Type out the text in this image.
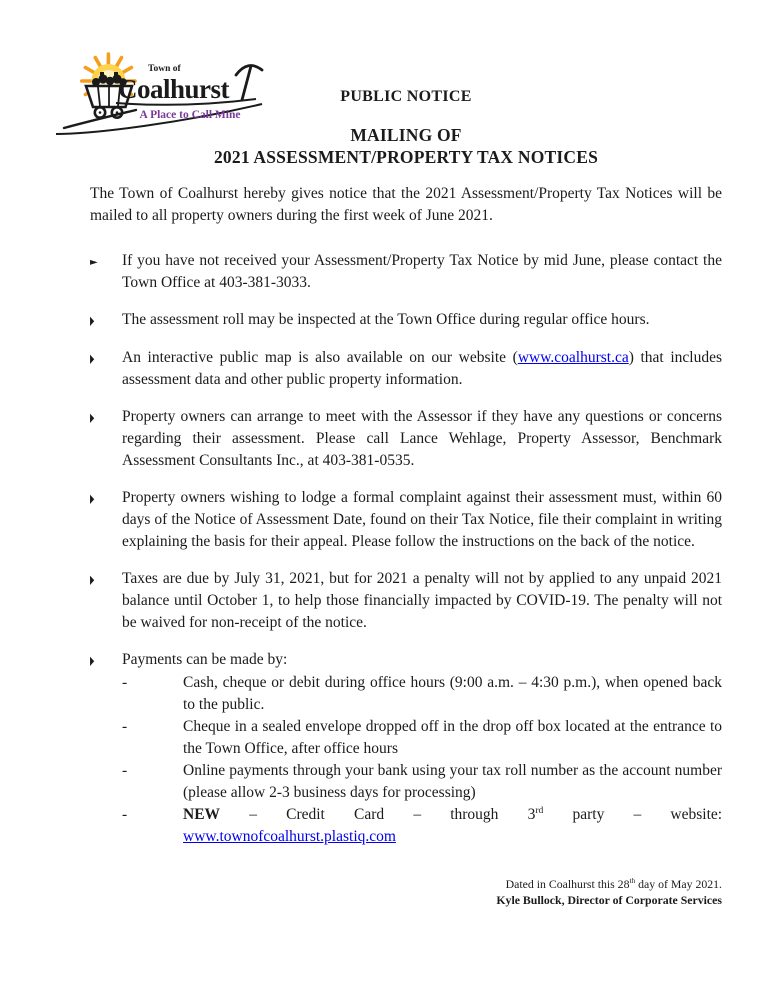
Town of
Coalhurst
A Place to Call Mine
PUBLIC NOTICE
MAILING OF
2021 ASSESSMENT/PROPERTY TAX NOTICES
The Town of Coalhurst hereby gives notice that the 2021 Assessment/Property Tax Notices will be mailed to all property owners during the first week of June 2021.
►	If you have not received your Assessment/Property Tax Notice by mid June, please contact the Town Office at 403-381-3033.
▶	The assessment roll may be inspected at the Town Office during regular office hours.
▶	An interactive public map is also available on our website (www.coalhurst.ca) that includes assessment data and other public property information.
▶	Property owners can arrange to meet with the Assessor if they have any questions or concerns regarding their assessment. Please call Lance Wehlage, Property Assessor, Benchmark Assessment Consultants Inc., at 403-381-0535.
▶	Property owners wishing to lodge a formal complaint against their assessment must, within 60 days of the Notice of Assessment Date, found on their Tax Notice, file their complaint in writing explaining the basis for their appeal. Please follow the instructions on the back of the notice.
▶	Taxes are due by July 31, 2021, but for 2021 a penalty will not by applied to any unpaid 2021 balance until October 1, to help those financially impacted by COVID-19. The penalty will not be waived for non-receipt of the notice.
▶	Payments can be made by:
-	Cash, cheque or debit during office hours (9:00 a.m. – 4:30 p.m.), when opened back to the public.
-	Cheque in a sealed envelope dropped off in the drop off box located at the entrance to the Town Office, after office hours
-	Online payments through your bank using your tax roll number as the account number (please allow 2-3 business days for processing)
-	NEW – Credit Card – through 3rd party – website:
www.townofcoalhurst.plastiq.com
Dated in Coalhurst this 28th day of May 2021.
Kyle Bullock, Director of Corporate Services
